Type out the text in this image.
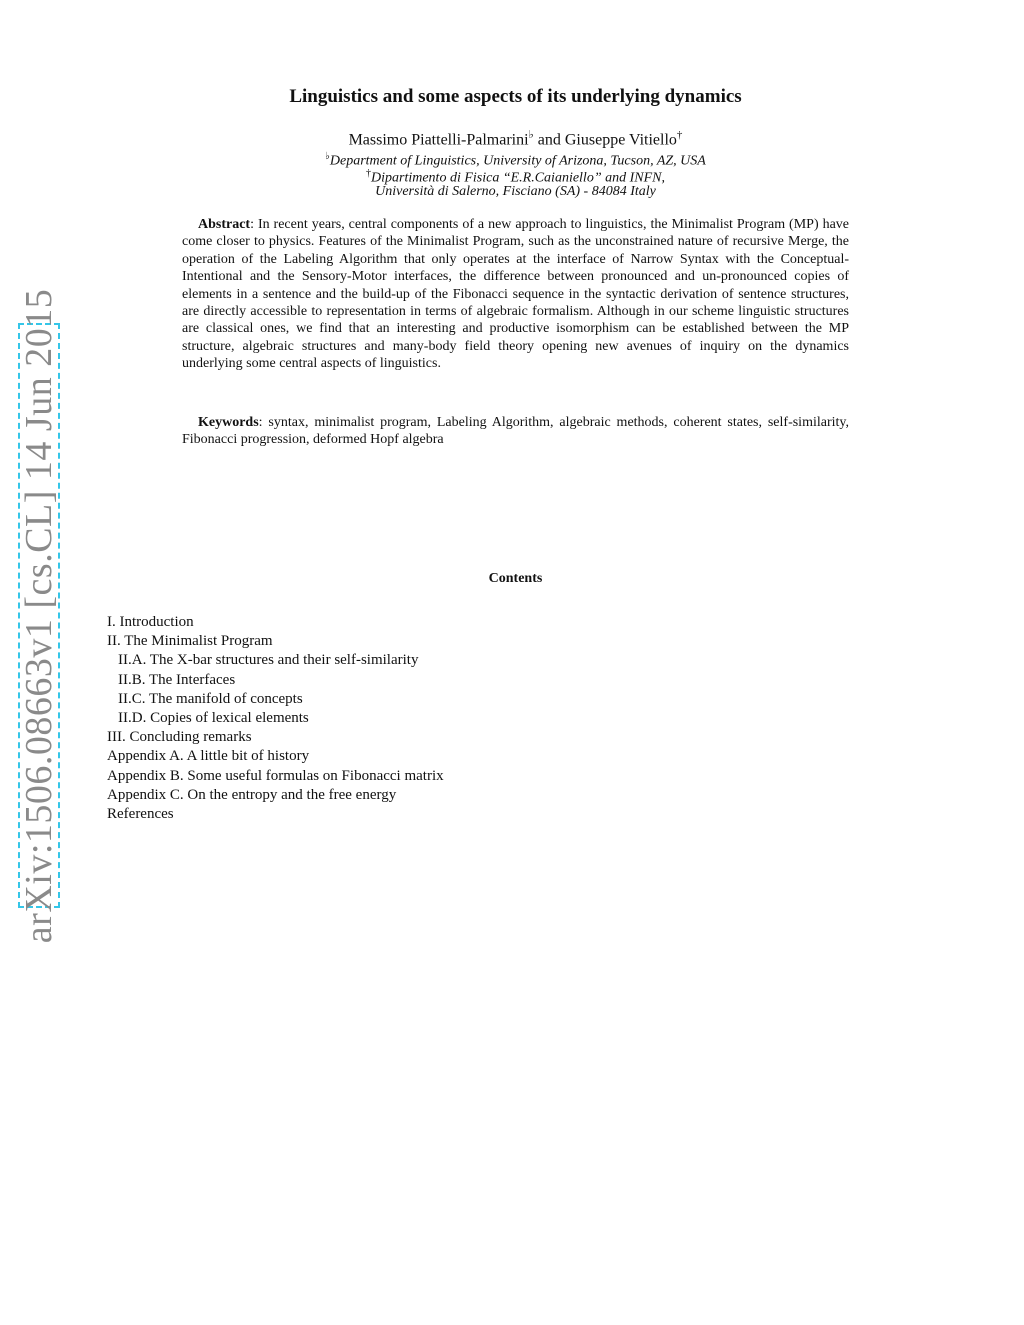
arXiv:1506.08663v1 [cs.CL] 14 Jun 2015
Linguistics and some aspects of its underlying dynamics
Massimo Piattelli-Palmarini♭ and Giuseppe Vitiello†
♭Department of Linguistics, University of Arizona, Tucson, AZ, USA
†Dipartimento di Fisica “E.R.Caianiello” and INFN,
Università di Salerno, Fisciano (SA) - 84084 Italy

Abstract: In recent years, central components of a new approach to linguistics, the Minimalist Program (MP) have come closer to physics. Features of the Minimalist Program, such as the unconstrained nature of recursive Merge, the operation of the Labeling Algorithm that only operates at the interface of Narrow Syntax with the Conceptual-Intentional and the Sensory-Motor interfaces, the difference between pronounced and un-pronounced copies of elements in a sentence and the build-up of the Fibonacci sequence in the syntactic derivation of sentence structures, are directly accessible to representation in terms of algebraic formalism. Although in our scheme linguistic structures are classical ones, we find that an interesting and productive isomorphism can be established between the MP structure, algebraic structures and many-body field theory opening new avenues of inquiry on the dynamics underlying some central aspects of linguistics.

Keywords: syntax, minimalist program, Labeling Algorithm, algebraic methods, coherent states, self-similarity, Fibonacci progression, deformed Hopf algebra

Contents
I. Introduction
II. The Minimalist Program
II.A. The X-bar structures and their self-similarity
II.B. The Interfaces
II.C. The manifold of concepts
II.D. Copies of lexical elements
III. Concluding remarks
Appendix A. A little bit of history
Appendix B. Some useful formulas on Fibonacci matrix
Appendix C. On the entropy and the free energy
References
